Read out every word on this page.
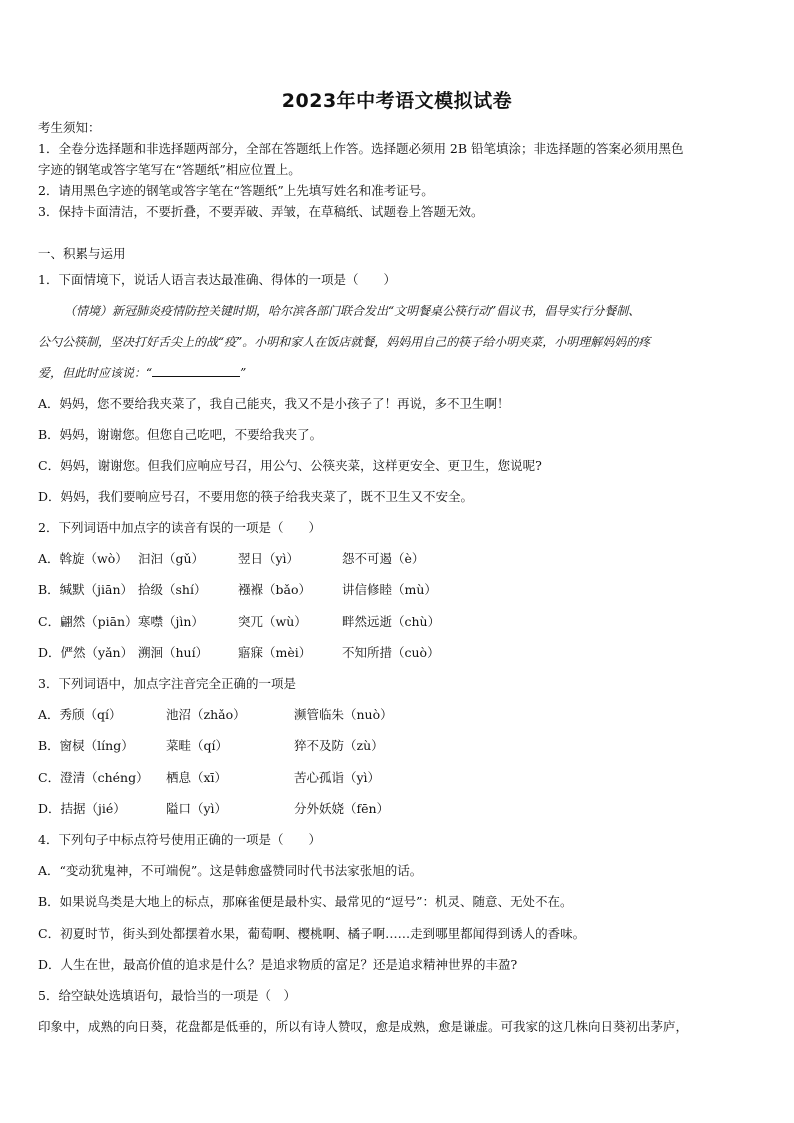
2023年中考语文模拟试卷
考生须知：
1．全卷分选择题和非选择题两部分，全部在答题纸上作答。选择题必须用 2B 铅笔填涂；非选择题的答案必须用黑色
字迹的钢笔或答字笔写在“答题纸”相应位置上。
2．请用黑色字迹的钢笔或答字笔在“答题纸”上先填写姓名和准考证号。
3．保持卡面清洁，不要折叠，不要弄破、弄皱，在草稿纸、试题卷上答题无效。
一、积累与运用
1．下面情境下，说话人语言表达最准确、得体的一项是（　　）
（情境）新冠肺炎疫情防控关键时期，哈尔滨各部门联合发出“文明餐桌公筷行动”倡议书，倡导实行分餐制、
公勺公筷制，坚决打好舌尖上的战“疫”。小明和家人在饭店就餐，妈妈用自己的筷子给小明夹菜，小明理解妈妈的疼
爱，但此时应该说：“	”
A．妈妈，您不要给我夹菜了，我自己能夹，我又不是小孩子了！再说，多不卫生啊！
B．妈妈，谢谢您。但您自己吃吧，不要给我夹了。
C．妈妈，谢谢您。但我们应响应号召，用公勺、公筷夹菜，这样更安全、更卫生，您说呢?
D．妈妈，我们要响应号召，不要用您的筷子给我夹菜了，既不卫生又不安全。
2．下列词语中加点字的读音有误的一项是（　　）
A．斡旋（wò） 汩汩（gǔ）	翌日（yì）	怨不可遏（è）
B．缄默（jiān） 拾级（shí）	襁褓（bǎo） 讲信修睦（mù）
C．翩然（piān）寒噤（jìn）	突兀（wù）	畔然远逝（chù）
D．俨然（yǎn） 溯洄（huí） 寤寐（mèi） 不知所措（cuò）
3．下列词语中，加点字注音完全正确的一项是
A．秀颀（qí）	池沼（zhǎo）	濒管临朱（nuò）
B．窗棂（líng）	菜畦（qí）	猝不及防（zù）
C．澄清（chéng） 栖息（xī）	苦心孤诣（yì）
D．拮据（jié）	隘口（yì）	分外妖娆（fēn）
4．下列句子中标点符号使用正确的一项是（　　）
A．“变动犹鬼神，不可端倪”。这是韩愈盛赞同时代书法家张旭的话。
B．如果说鸟类是大地上的标点，那麻雀便是最朴实、最常见的“逗号”：机灵、随意、无处不在。
C．初夏时节，街头到处都摆着水果，葡萄啊、樱桃啊、橘子啊……走到哪里都闻得到诱人的香味。
D．人生在世，最高价值的追求是什么？是追求物质的富足？还是追求精神世界的丰盈?
5．给空缺处选填语句，最恰当的一项是（　）
印象中，成熟的向日葵，花盘都是低垂的，所以有诗人赞叹，愈是成熟，愈是谦虚。可我家的这几株向日葵初出茅庐，
